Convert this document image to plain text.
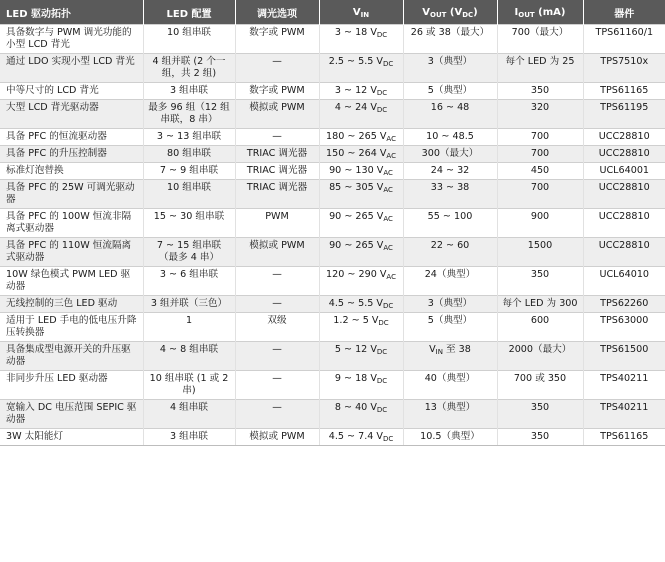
LED 驱动拓扑	LED 配置	调光选项	$V_{IN}$	$V_{OUT}$ $(V_{DC})$	$I_{OUT}$ (mA)	器件
具备数字与 PWM 调光功能的小型 LCD 背光	10 组串联	数字或 PWM	3 ~ 18 $V_{DC}$	26 或 38（最大）	700（最大）	TPS61160/1
通过 LDO 实现小型 LCD 背光	4 组并联 (2 个一组，共 2 组)	—	2.5 ~ 5.5 $V_{DC}$	3（典型）	每个 LED 为 25	TPS7510x
中等尺寸的 LCD 背光	3 组串联	数字或 PWM	3 ~ 12 $V_{DC}$	5（典型）	350	TPS61165
大型 LCD 背光驱动器	最多 96 组（12 组串联，8 串）	模拟或 PWM	4 ~ 24 $V_{DC}$	16 ~ 48	320	TPS61195
具备 PFC 的恒流驱动器	3 ~ 13 组串联	—	180 ~ 265 $V_{AC}$	10 ~ 48.5	700	UCC28810
具备 PFC 的升压控制器	80 组串联	TRIAC 调光器	150 ~ 264 $V_{AC}$	300（最大）	700	UCC28810
标准灯泡替换	7 ~ 9 组串联	TRIAC 调光器	90 ~ 130 $V_{AC}$	24 ~ 32	450	UCL64001
具备 PFC 的 25W 可调光驱动器	10 组串联	TRIAC 调光器	85 ~ 305 $V_{AC}$	33 ~ 38	700	UCC28810
具备 PFC 的 100W 恒流非隔离式驱动器	15 ~ 30 组串联	PWM	90 ~ 265 $V_{AC}$	55 ~ 100	900	UCC28810
具备 PFC 的 110W 恒流隔离式驱动器	7 ~ 15 组串联（最多 4 串）	模拟或 PWM	90 ~ 265 $V_{AC}$	22 ~ 60	1500	UCC28810
10W 绿色模式 PWM LED 驱动器	3 ~ 6 组串联	—	120 ~ 290 $V_{AC}$	24（典型）	350	UCL64010
无线控制的三色 LED 驱动	3 组并联（三色）	—	4.5 ~ 5.5 $V_{DC}$	3（典型）	每个 LED 为 300	TPS62260
适用于 LED 手电的低电压升降压转换器	1	双级	1.2 ~ 5 $V_{DC}$	5（典型）	600	TPS63000
具备集成型电源开关的升压驱动器	4 ~ 8 组串联	—	5 ~ 12 $V_{DC}$	$V_{IN}$ 至 38	2000（最大）	TPS61500
非同步升压 LED 驱动器	10 组串联 (1 或 2 串)	—	9 ~ 18 $V_{DC}$	40（典型）	700 或 350	TPS40211
宽输入 DC 电压范围 SEPIC 驱动器	4 组串联	—	8 ~ 40 $V_{DC}$	13（典型）	350	TPS40211
3W 太阳能灯	3 组串联	模拟或 PWM	4.5 ~ 7.4 $V_{DC}$	10.5（典型）	350	TPS61165
